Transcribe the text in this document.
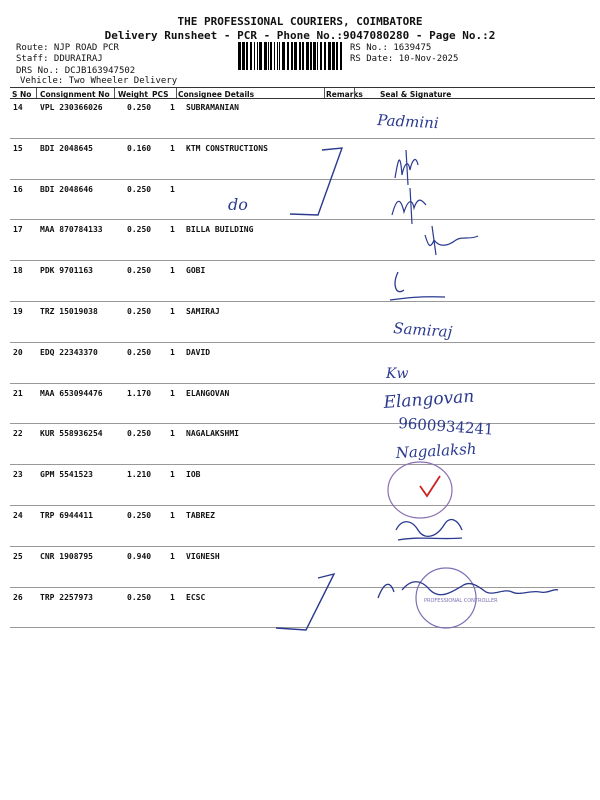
THE PROFESSIONAL COURIERS, COIMBATORE
Delivery Runsheet - PCR - Phone No.:9047080280 - Page No.:2
Route: NJP ROAD PCR
Staff: DDURAIRAJ
DRS No.: DCJB163947502
Vehicle: Two Wheeler Delivery
RS No.: 1639475
RS Date: 10-Nov-2025
S No Consignment No Weight PCS Consignee Details	Remarks Seal & Signature
14 VPL 230366026	0.250 1 SUBRAMANIAN
15 BDI 2048645	0.160 1 KTM CONSTRUCTIONS
16 BDI 2048646	0.250 1
17 MAA 870784133	0.250 1 BILLA BUILDING
18 PDK 9701163	0.250 1 GOBI
19 TRZ 15019038	0.250 1 SAMIRAJ
20 EDQ 22343370	0.250 1 DAVID
21 MAA 653094476	1.170 1 ELANGOVAN
22 KUR 558936254	0.250 1 NAGALAKSHMI
23 GPM 5541523	1.210 1 IOB
24 TRP 6944411	0.250 1 TABREZ
25 CNR 1908795	0.940 1 VIGNESH
26 TRP 2257973	0.250 1 ECSC
Padmini
do
Samiraj
Kw
Elangovan
9600934241
Nagalaksh
PROFESSIONAL CONTROLLER
